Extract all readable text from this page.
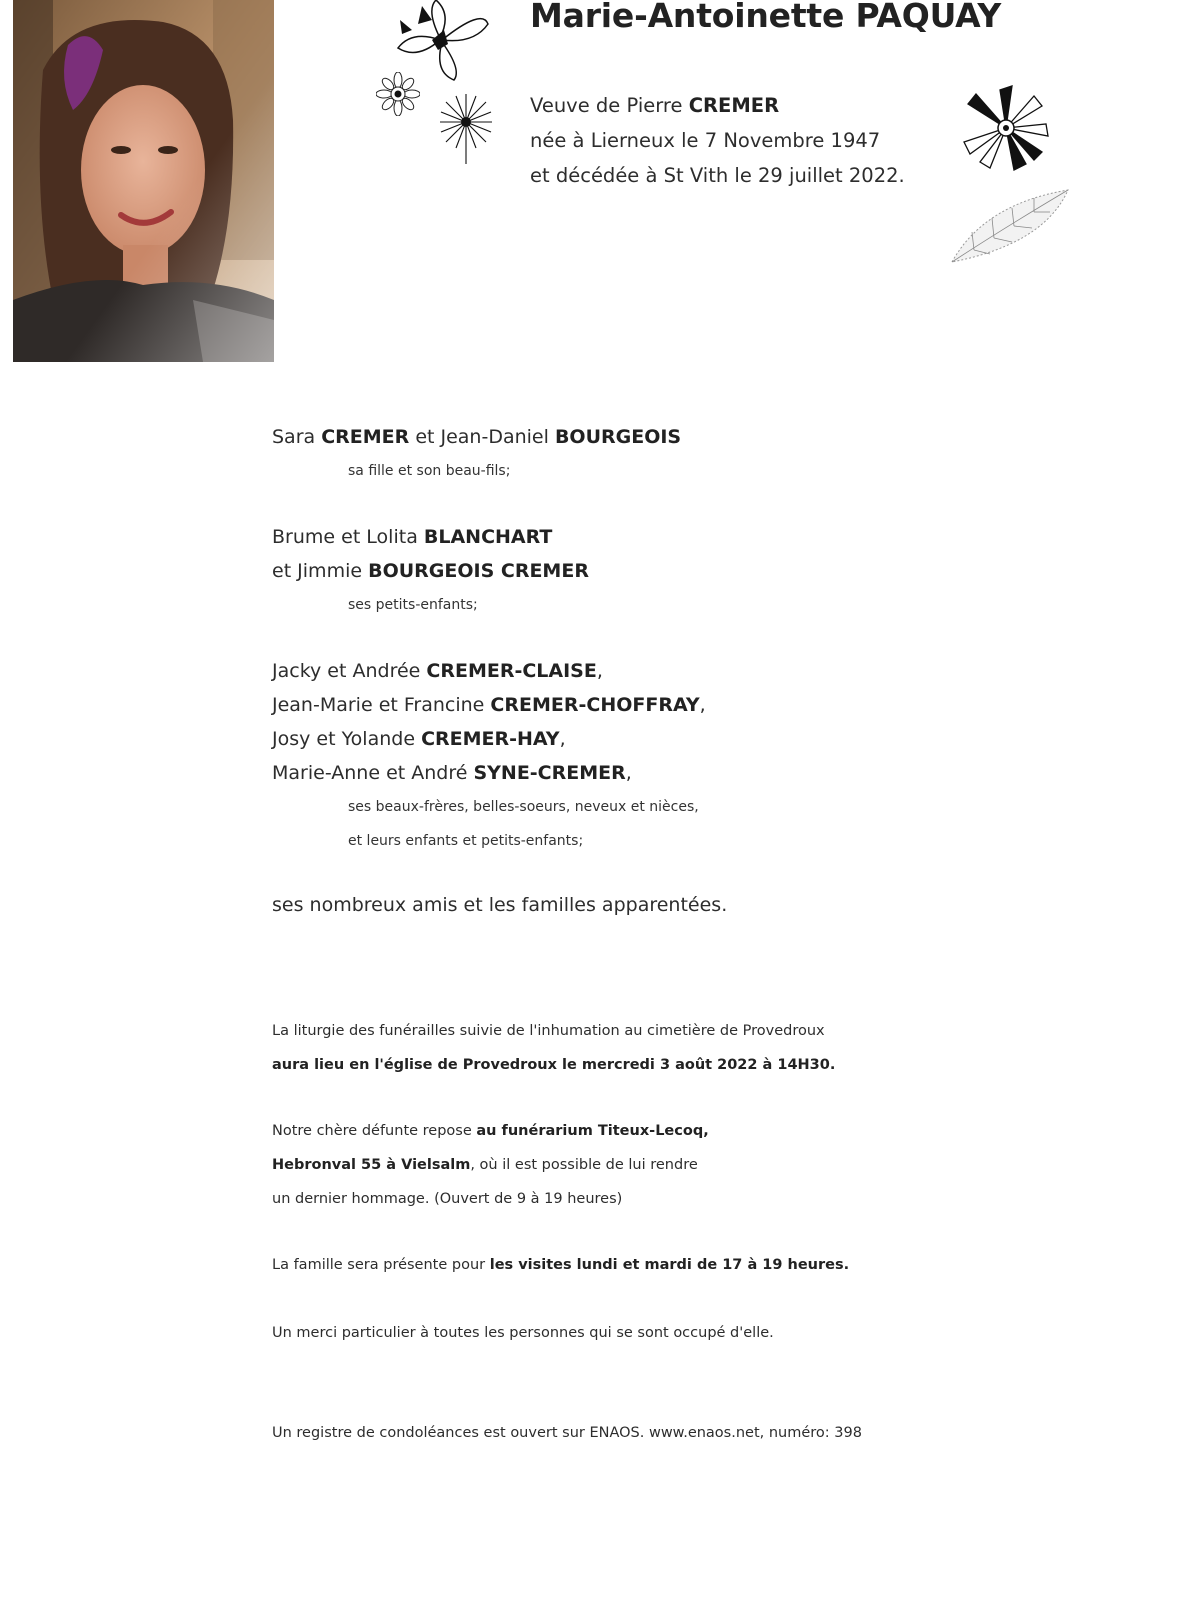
Marie-Antoinette PAQUAY
Veuve de Pierre CREMER
née à Lierneux le 7 Novembre 1947
et décédée à St Vith le 29 juillet 2022.
Sara CREMER et Jean-Daniel BOURGEOIS
sa fille et son beau-fils;
Brume et Lolita BLANCHART
et Jimmie BOURGEOIS CREMER
ses petits-enfants;
Jacky et Andrée CREMER-CLAISE,
Jean-Marie et Francine CREMER-CHOFFRAY,
Josy et Yolande CREMER-HAY,
Marie-Anne et André SYNE-CREMER,
ses beaux-frères, belles-soeurs, neveux et nièces,
et leurs enfants et petits-enfants;
ses nombreux amis et les familles apparentées.
La liturgie des funérailles suivie de l'inhumation au cimetière de Provedroux
aura lieu en l'église de Provedroux le mercredi 3 août 2022 à 14H30.
Notre chère défunte repose au funérarium Titeux-Lecoq,
Hebronval 55 à Vielsalm, où il est possible de lui rendre
un dernier hommage. (Ouvert de 9 à 19 heures)
La famille sera présente pour les visites lundi et mardi de 17 à 19 heures.
Un merci particulier à toutes les personnes qui se sont occupé d'elle.
Un registre de condoléances est ouvert sur ENAOS. www.enaos.net, numéro: 398
